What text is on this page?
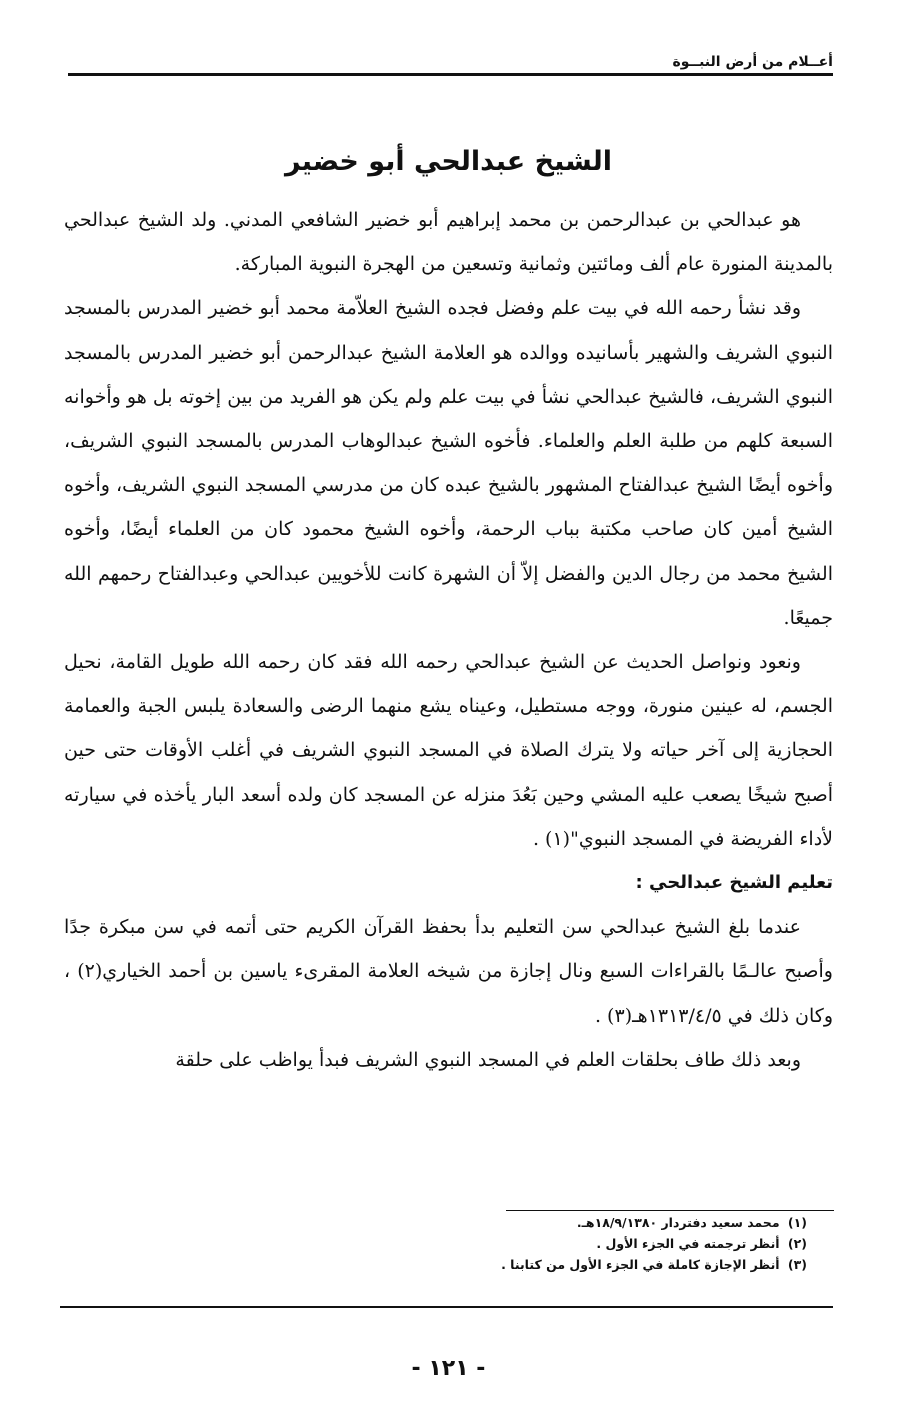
أعــلام من أرض النبــوة
الشيخ عبدالحي أبو خضير

هو عبدالحي بن عبدالرحمن بن محمد إبراهيم أبو خضير الشافعي المدني. ولد الشيخ عبدالحي بالمدينة المنورة عام ألف ومائتين وثمانية وتسعين من الهجرة النبوية المباركة.

وقد نشأ رحمه الله في بيت علم وفضل فجده الشيخ العلاّمة محمد أبو خضير المدرس بالمسجد النبوي الشريف والشهير بأسانيده ووالده هو العلامة الشيخ عبدالرحمن أبو خضير المدرس بالمسجد النبوي الشريف، فالشيخ عبدالحي نشأ في بيت علم ولم يكن هو الفريد من بين إخوته بل هو وأخوانه السبعة كلهم من طلبة العلم والعلماء. فأخوه الشيخ عبدالوهاب المدرس بالمسجد النبوي الشريف، وأخوه أيضًا الشيخ عبدالفتاح المشهور بالشيخ عبده كان من مدرسي المسجد النبوي الشريف، وأخوه الشيخ أمين كان صاحب مكتبة بباب الرحمة، وأخوه الشيخ محمود كان من العلماء أيضًا، وأخوه الشيخ محمد من رجال الدين والفضل إلاّ أن الشهرة كانت للأخويين عبدالحي وعبدالفتاح رحمهم الله جميعًا.

ونعود ونواصل الحديث عن الشيخ عبدالحي رحمه الله فقد كان رحمه الله طويل القامة، نحيل الجسم، له عينين منورة، ووجه مستطيل، وعيناه يشع منهما الرضى والسعادة يلبس الجبة والعمامة الحجازية إلى آخر حياته ولا يترك الصلاة في المسجد النبوي الشريف في أغلب الأوقات حتى حين أصبح شيخًا يصعب عليه المشي وحين بَعُدَ منزله عن المسجد كان ولده أسعد البار يأخذه في سيارته لأداء الفريضة في المسجد النبوي"(١) .

تعليم الشيخ عبدالحي :

عندما بلغ الشيخ عبدالحي سن التعليم بدأ بحفظ القرآن الكريم حتى أتمه في سن مبكرة جدًا وأصبح عالـمًا بالقراءات السبع ونال إجازة من شيخه العلامة المقرىء ياسين بن أحمد الخياري(٢) ، وكان ذلك في ١٣١٣/٤/٥هـ(٣) .

وبعد ذلك طاف بحلقات العلم في المسجد النبوي الشريف فبدأ يواظب على حلقة

(١) محمد سعيد دفتردار ١٨/٩/١٣٨٠هـ.
(٢) أنظر ترجمته في الجزء الأول .
(٣) أنظر الإجازة كاملة في الجزء الأول من كتابنا .
- ١٢١ -
